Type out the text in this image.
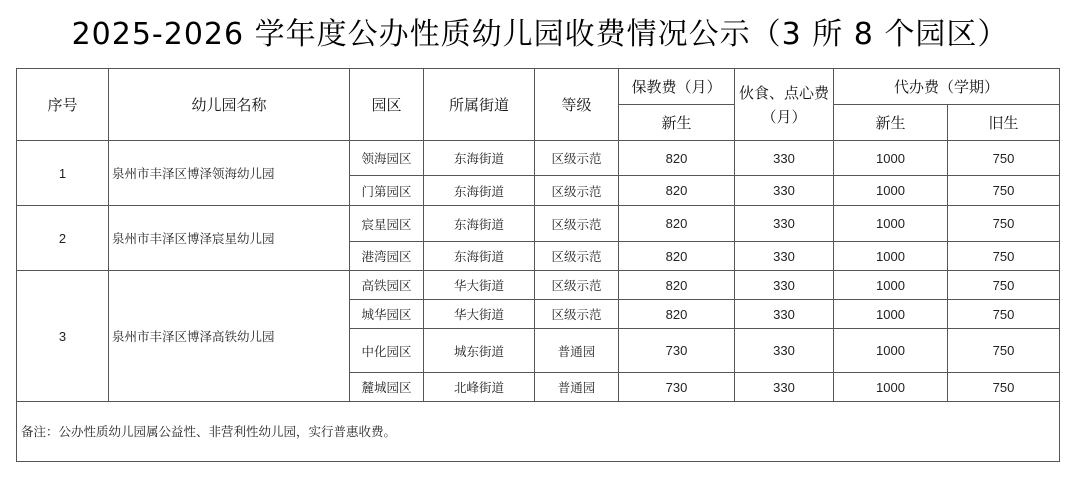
2025-2026 学年度公办性质幼儿园收费情况公示（3 所 8 个园区）
序号	幼儿园名称	园区	所属街道	等级	保教费（月）	伙食、点心费
（月）	代办费（学期）	
					新生		新生	旧生
1	泉州市丰泽区博泽领海幼儿园	领海园区	东海街道	区级示范	820	330	1000	750
		门第园区	东海街道	区级示范	820	330	1000	750
2	泉州市丰泽区博泽宸星幼儿园	宸星园区	东海街道	区级示范	820	330	1000	750
		港湾园区	东海街道	区级示范	820	330	1000	750
3	泉州市丰泽区博泽高铁幼儿园	高铁园区	华大街道	区级示范	820	330	1000	750
		城华园区	华大街道	区级示范	820	330	1000	750
		中化园区	城东街道	普通园	730	330	1000	750
		麓城园区	北峰街道	普通园	730	330	1000	750
备注：公办性质幼儿园属公益性、非营利性幼儿园，实行普惠收费。								
